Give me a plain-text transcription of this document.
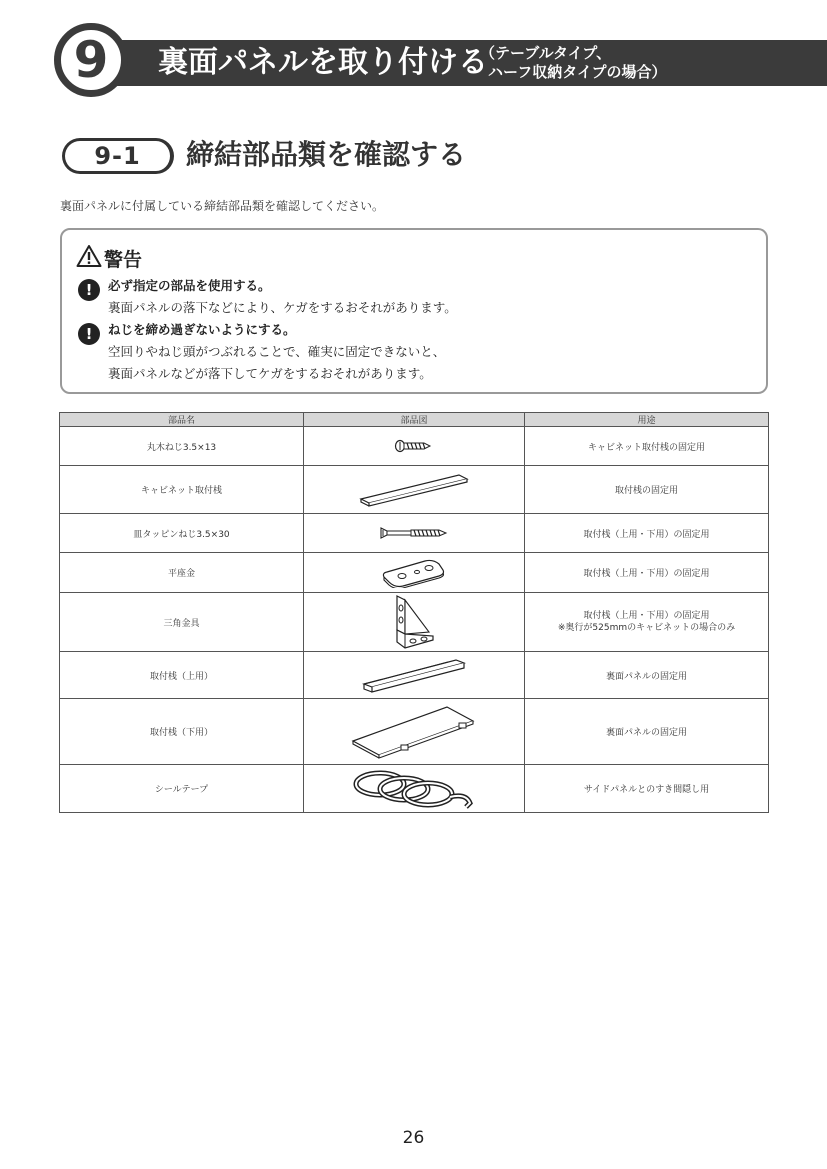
9 裏面パネルを取り付ける
（テーブルタイプ、
ハーフ収納タイプの場合）
9-1 締結部品類を確認する
裏面パネルに付属している締結部品類を確認してください。
警告
!	必ず指定の部品を使用する。
裏面パネルの落下などにより、ケガをするおそれがあります。
!	ねじを締め過ぎないようにする。
空回りやねじ頭がつぶれることで、確実に固定できないと、
裏面パネルなどが落下してケガをするおそれがあります。
部品名	部品図	用途
丸木ねじ3.5×13		キャビネット取付桟の固定用
キャビネット取付桟		取付桟の固定用
皿タッピンねじ3.5×30		取付桟（上用・下用）の固定用
平座金		取付桟（上用・下用）の固定用
三角金具		取付桟（上用・下用）の固定用
※奥行が525mmのキャビネットの場合のみ

取付桟（上用）		裏面パネルの固定用
取付桟（下用）		裏面パネルの固定用
シールテープ		サイドパネルとのすき間隠し用
26
